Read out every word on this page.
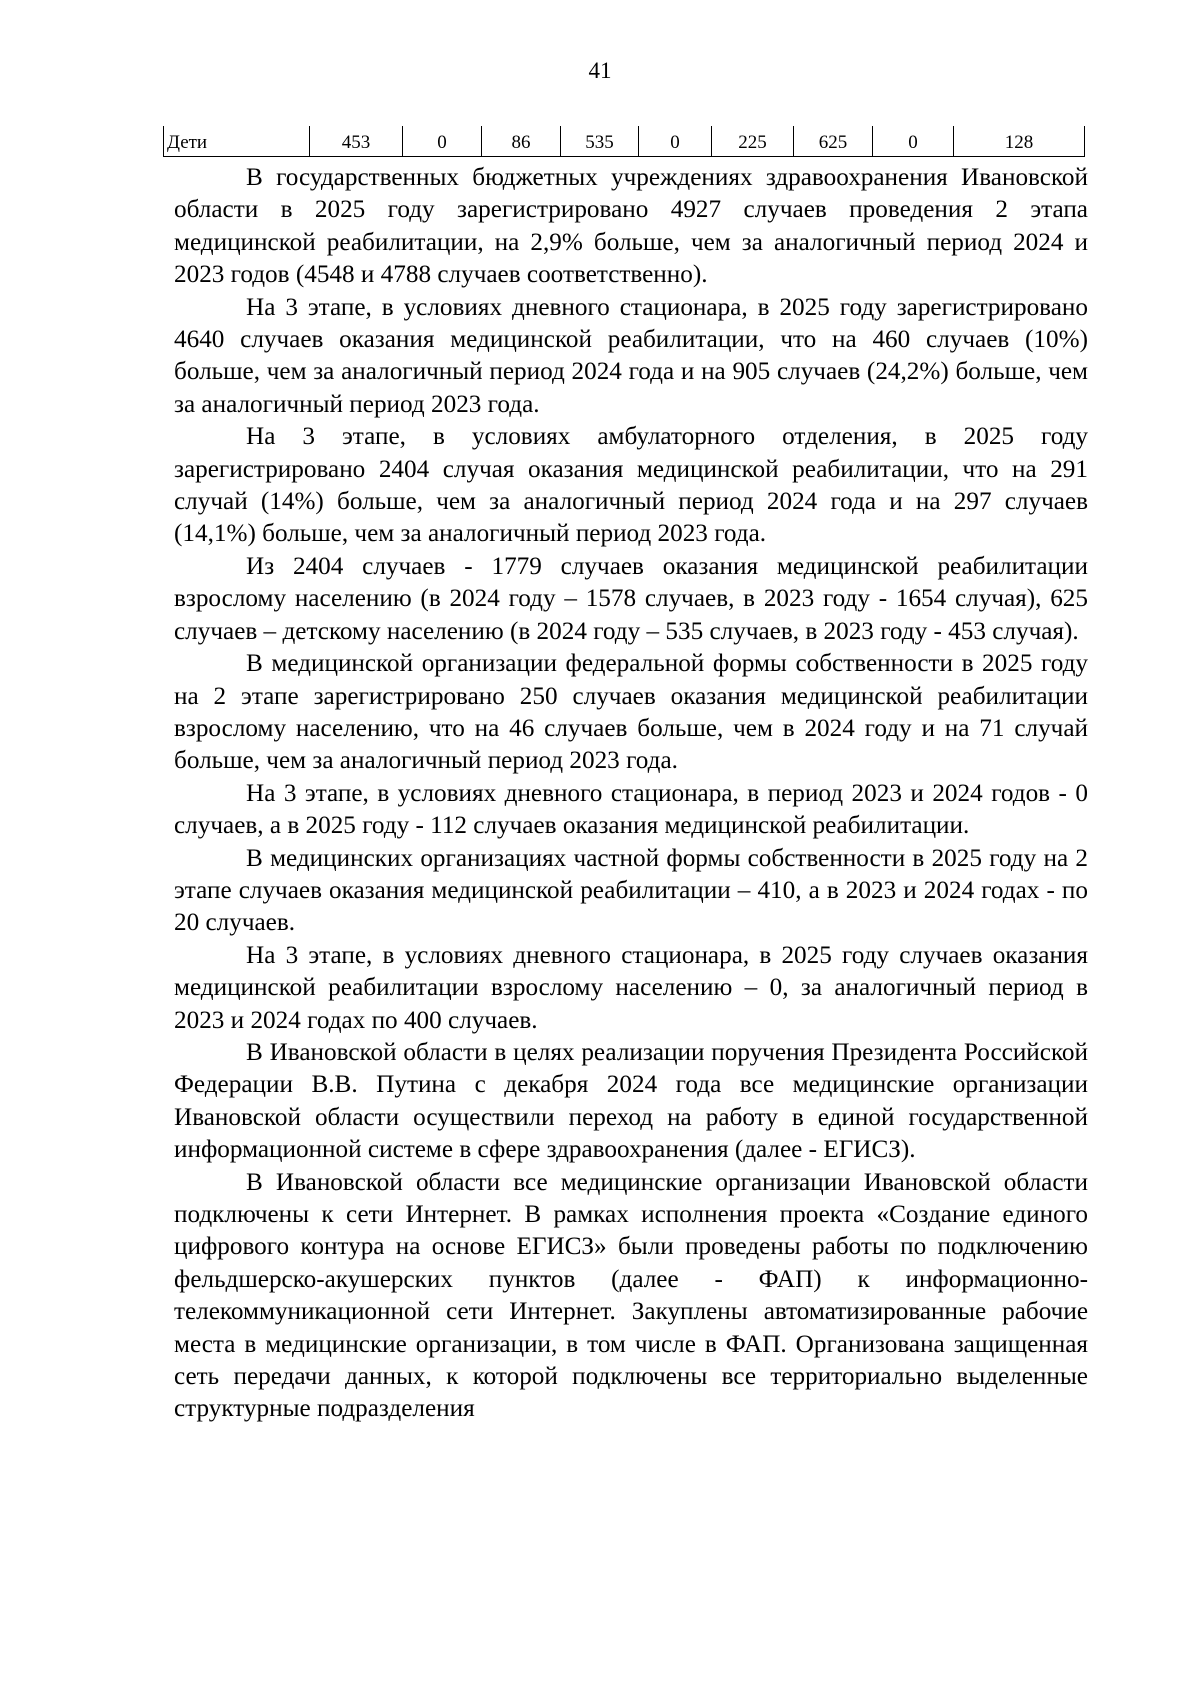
41
Дети	453	0	86	535	0	225	625	0	128

В государственных бюджетных учреждениях здравоохранения Ивановской области в 2025 году зарегистрировано 4927 случаев проведения 2 этапа медицинской реабилитации, на 2,9% больше, чем за аналогичный период 2024 и 2023 годов (4548 и 4788 случаев соответственно).

На 3 этапе, в условиях дневного стационара, в 2025 году зарегистрировано 4640 случаев оказания медицинской реабилитации, что на 460 случаев (10%) больше, чем за аналогичный период 2024 года и на 905 случаев (24,2%) больше, чем за аналогичный период 2023 года.

На 3 этапе, в условиях амбулаторного отделения, в 2025 году зарегистрировано 2404 случая оказания медицинской реабилитации, что на 291 случай (14%) больше, чем за аналогичный период 2024 года и на 297 случаев (14,1%) больше, чем за аналогичный период 2023 года.

Из 2404 случаев - 1779 случаев оказания медицинской реабилитации взрослому населению (в 2024 году – 1578 случаев, в 2023 году - 1654 случая), 625 случаев – детскому населению (в 2024 году – 535 случаев, в 2023 году - 453 случая).

В медицинской организации федеральной формы собственности в 2025 году на 2 этапе зарегистрировано 250 случаев оказания медицинской реабилитации взрослому населению, что на 46 случаев больше, чем в 2024 году и на 71 случай больше, чем за аналогичный период 2023 года.

На 3 этапе, в условиях дневного стационара, в период 2023 и 2024 годов - 0 случаев, а в 2025 году - 112 случаев оказания медицинской реабилитации.

В медицинских организациях частной формы собственности в 2025 году на 2 этапе случаев оказания медицинской реабилитации – 410, а в 2023 и 2024 годах - по 20 случаев.

На 3 этапе, в условиях дневного стационара, в 2025 году случаев оказания медицинской реабилитации взрослому населению – 0, за аналогичный период в 2023 и 2024 годах по 400 случаев.

В Ивановской области в целях реализации поручения Президента Российской Федерации В.В. Путина с декабря 2024 года все медицинские организации Ивановской области осуществили переход на работу в единой государственной информационной системе в сфере здравоохранения (далее - ЕГИСЗ).

В Ивановской области все медицинские организации Ивановской области подключены к сети Интернет. В рамках исполнения проекта «Создание единого цифрового контура на основе ЕГИСЗ» были проведены работы по подключению фельдшерско-акушерских пунктов (далее - ФАП) к информационно-телекоммуникационной сети Интернет. Закуплены автоматизированные рабочие места в медицинские организации, в том числе в ФАП. Организована защищенная сеть передачи данных, к которой подключены все территориально выделенные структурные подразделения
